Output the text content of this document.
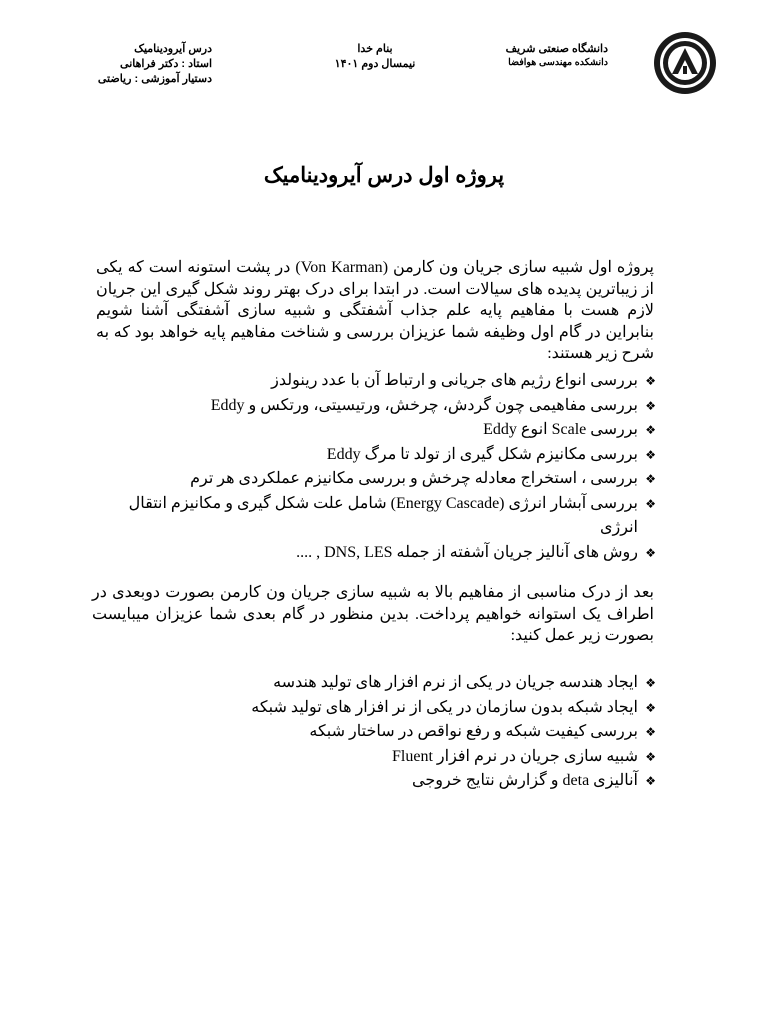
دانشگاه صنعتی شریف
دانشکده مهندسی هوافضا
بنام خدا
نیمسال دوم ۱۴۰۱
درس آیرودینامیک
استاد : دکتر فراهانی
دستیار آموزشی : ریاضتی
پروژه اول درس آیرودینامیک
پروژه اول شبیه سازی جریان ون کارمن (Von Karman) در پشت استونه است که یکی از زیباترین پدیده های سیالات است. در ابتدا برای درک بهتر روند شکل گیری این جریان لازم هست با مفاهیم پایه علم جذاب آشفتگی و شبیه سازی آشفتگی آشنا شویم بنابراین در گام اول وظیفه شما عزیزان بررسی و شناخت مفاهیم پایه خواهد بود که به شرح زیر هستند:
❖
بررسی انواع رژیم های جریانی و ارتباط آن با عدد رینولدز
❖
بررسی مفاهیمی چون گردش، چرخش، ورتیسیتی، ورتکس و Eddy
❖
بررسی Scale انوع Eddy
❖
بررسی مکانیزم شکل گیری از تولد تا مرگ Eddy
❖
بررسی ، استخراج معادله چرخش و بررسی مکانیزم عملکردی هر ترم
❖
بررسی آبشار انرژی (Energy Cascade) شامل علت شکل گیری و مکانیزم انتقال انرژی
❖
روش های آنالیز جریان آشفته از جمله DNS, LES , ....
بعد از درک مناسبی از مفاهیم بالا به شبیه سازی جریان ون کارمن بصورت دوبعدی در اطراف یک استوانه خواهیم پرداخت. بدین منظور در گام بعدی شما عزیزان میبایست بصورت زیر عمل کنید:
❖
ایجاد هندسه جریان در یکی از نرم افزار های تولید هندسه
❖
ایجاد شبکه بدون سازمان در یکی از نر افزار های تولید شبکه
❖
بررسی کیفیت شبکه و رفع نواقص در ساختار شبکه
❖
شبیه سازی جریان در نرم افزار Fluent
❖
آنالیزی deta و گزارش نتایج خروجی
